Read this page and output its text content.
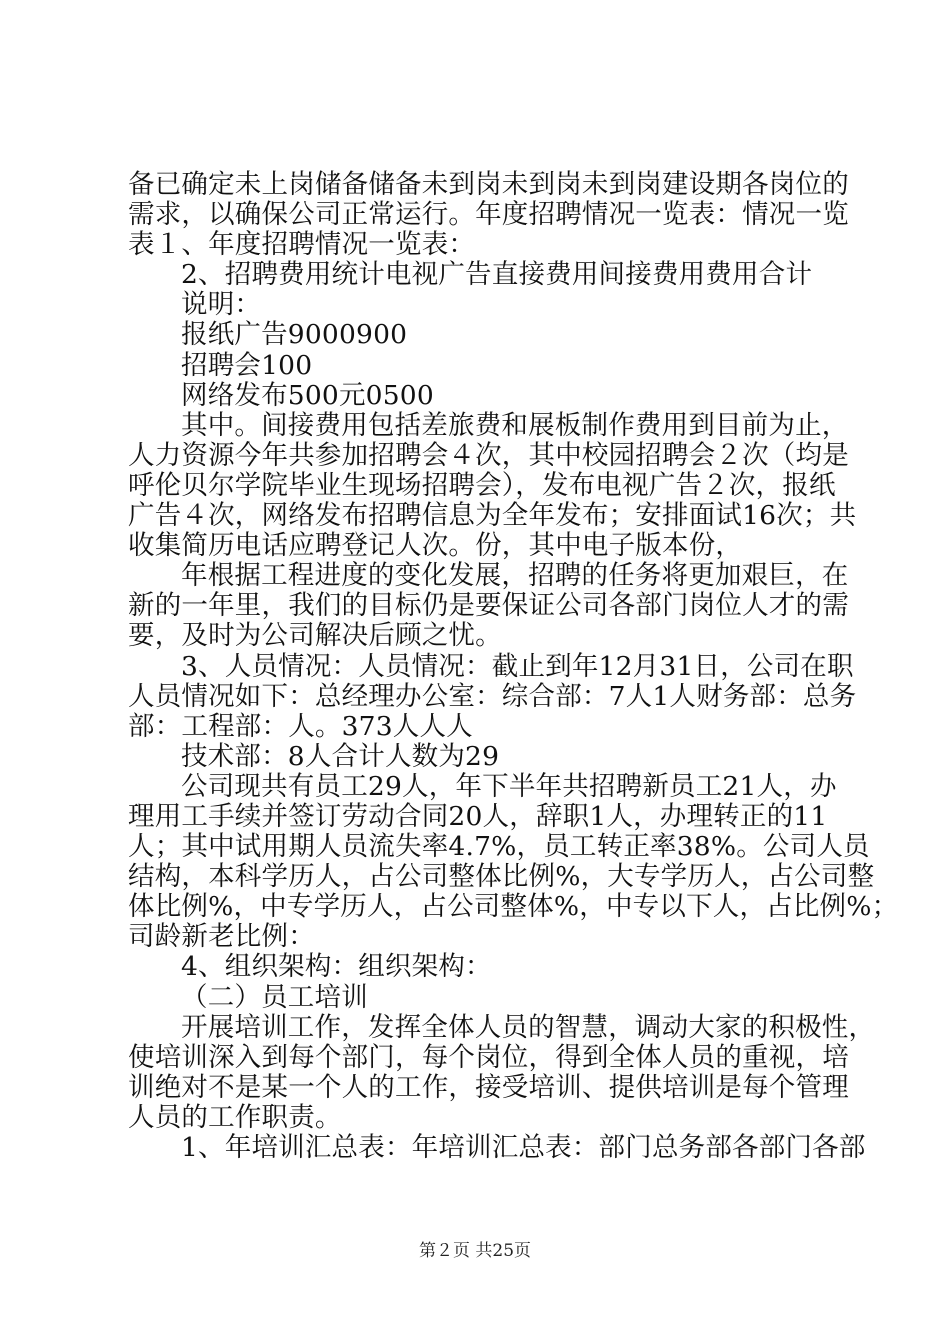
备已确定未上岗储备储备未到岗未到岗未到岗建设期各岗位的
需求，以确保公司正常运行。年度招聘情况一览表：情况一览
表１、年度招聘情况一览表：
2、招聘费用统计电视广告直接费用间接费用费用合计
说明：
报纸广告9000900
招聘会100
网络发布500元0500
其中。间接费用包括差旅费和展板制作费用到目前为止，
人力资源今年共参加招聘会４次，其中校园招聘会２次（均是
呼伦贝尔学院毕业生现场招聘会），发布电视广告２次，报纸
广告４次，网络发布招聘信息为全年发布；安排面试16次；共
收集简历电话应聘登记人次。份，其中电子版本份，
年根据工程进度的变化发展，招聘的任务将更加艰巨，在
新的一年里，我们的目标仍是要保证公司各部门岗位人才的需
要，及时为公司解决后顾之忧。
3、人员情况：人员情况：截止到年12月31日，公司在职
人员情况如下：总经理办公室：综合部：7人1人财务部：总务
部：工程部：人。373人人人
技术部：8人合计人数为29
公司现共有员工29人，年下半年共招聘新员工21人，办
理用工手续并签订劳动合同20人，辞职1人，办理转正的11
人；其中试用期人员流失率4.7%，员工转正率38%。公司人员
结构，本科学历人，占公司整体比例%，大专学历人，占公司整
体比例%，中专学历人，占公司整体%，中专以下人，占比例%；
司龄新老比例：
4、组织架构：组织架构：
（二）员工培训
开展培训工作，发挥全体人员的智慧，调动大家的积极性，
使培训深入到每个部门，每个岗位，得到全体人员的重视，培
训绝对不是某一个人的工作，接受培训、提供培训是每个管理
人员的工作职责。
1、年培训汇总表：年培训汇总表：部门总务部各部门各部
第２页 共25页
